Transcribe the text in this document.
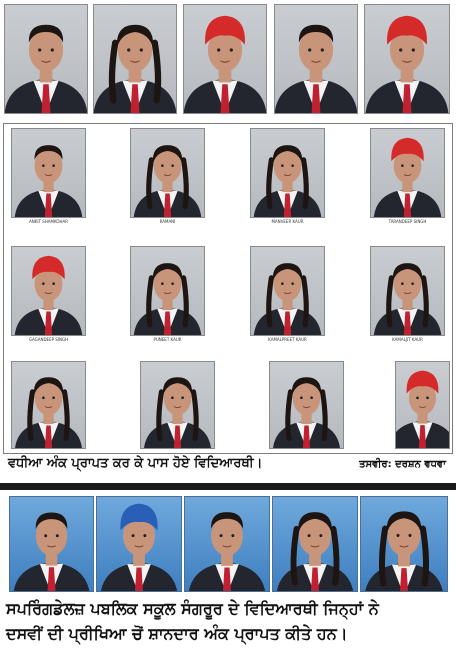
ANKIT SHAMKOHAR	RAMANI	MANVEER KAUR	TARANDEEP SINGH
GAGANDEEP SINGH	PUNEET KAUR	KAMALPREET KAUR	KAMALJIT KAUR
ਵਧੀਆ ਅੰਕ ਪ੍ਰਾਪਤ ਕਰ ਕੇ ਪਾਸ ਹੋਏ ਵਿਦਿਆਰਥੀ।	ਤਸਵੀਰ: ਦਰਸ਼ਨ ਵਧਵਾ
ਸਪਰਿੰਗਡੇਲਜ਼ ਪਬਲਿਕ ਸਕੂਲ ਸੰਗਰੂਰ ਦੇ ਵਿਦਿਆਰਥੀ ਜਿਨ੍ਹਾਂ ਨੇ
ਦਸਵੀਂ ਦੀ ਪ੍ਰੀਖਿਆ ਚੋਂ ਸ਼ਾਨਦਾਰ ਅੰਕ ਪ੍ਰਾਪਤ ਕੀਤੇ ਹਨ।
